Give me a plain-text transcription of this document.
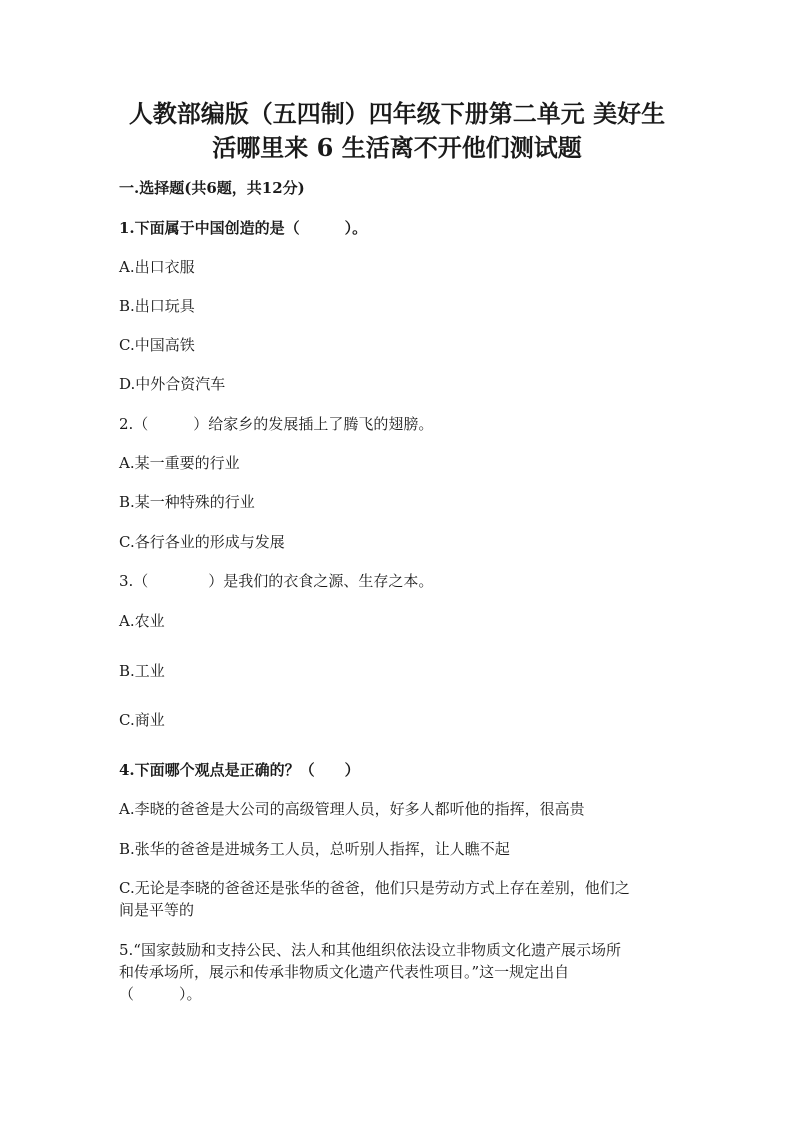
人教部编版（五四制）四年级下册第二单元 美好生
活哪里来 6 生活离不开他们测试题
一.选择题(共6题，共12分)
1.下面属于中国创造的是（　　　）。
A.出口衣服
B.出口玩具
C.中国高铁
D.中外合资汽车
2.（　　　）给家乡的发展插上了腾飞的翅膀。
A.某一重要的行业
B.某一种特殊的行业
C.各行各业的形成与发展
3.（　　　　）是我们的衣食之源、生存之本。
A.农业
B.工业
C.商业
4.下面哪个观点是正确的？（　　）
A.李晓的爸爸是大公司的高级管理人员，好多人都听他的指挥，很高贵
B.张华的爸爸是进城务工人员，总听别人指挥，让人瞧不起
C.无论是李晓的爸爸还是张华的爸爸，他们只是劳动方式上存在差别，他们之
间是平等的
5.“国家鼓励和支持公民、法人和其他组织依法设立非物质文化遗产展示场所
和传承场所，展示和传承非物质文化遗产代表性项目。”这一规定出自
（　　　）。
